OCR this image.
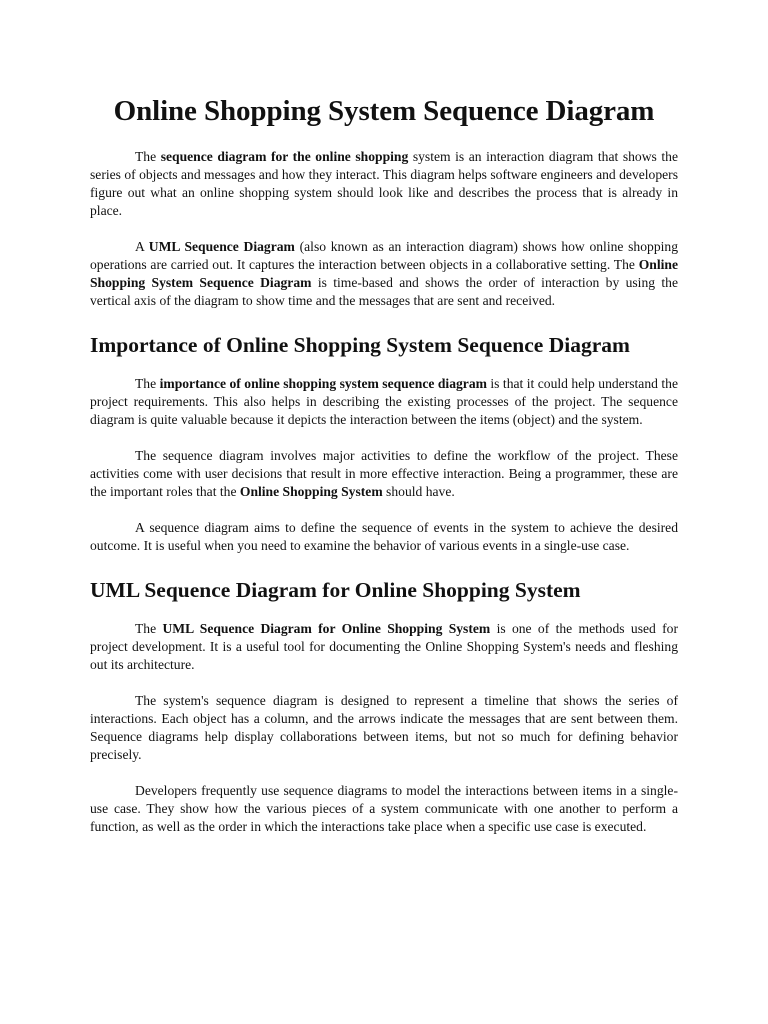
Online Shopping System Sequence Diagram

The sequence diagram for the online shopping system is an interaction diagram that shows the series of objects and messages and how they interact. This diagram helps software engineers and developers figure out what an online shopping system should look like and describes the process that is already in place.

A UML Sequence Diagram (also known as an interaction diagram) shows how online shopping operations are carried out. It captures the interaction between objects in a collaborative setting. The Online Shopping System Sequence Diagram is time-based and shows the order of interaction by using the vertical axis of the diagram to show time and the messages that are sent and received.

Importance of Online Shopping System Sequence Diagram

The importance of online shopping system sequence diagram is that it could help understand the project requirements. This also helps in describing the existing processes of the project. The sequence diagram is quite valuable because it depicts the interaction between the items (object) and the system.

The sequence diagram involves major activities to define the workflow of the project. These activities come with user decisions that result in more effective interaction. Being a programmer, these are the important roles that the Online Shopping System should have.

A sequence diagram aims to define the sequence of events in the system to achieve the desired outcome. It is useful when you need to examine the behavior of various events in a single-use case.

UML Sequence Diagram for Online Shopping System

The UML Sequence Diagram for Online Shopping System is one of the methods used for project development. It is a useful tool for documenting the Online Shopping System's needs and fleshing out its architecture.

The system's sequence diagram is designed to represent a timeline that shows the series of interactions. Each object has a column, and the arrows indicate the messages that are sent between them. Sequence diagrams help display collaborations between items, but not so much for defining behavior precisely.

Developers frequently use sequence diagrams to model the interactions between items in a single-use case. They show how the various pieces of a system communicate with one another to perform a function, as well as the order in which the interactions take place when a specific use case is executed.
